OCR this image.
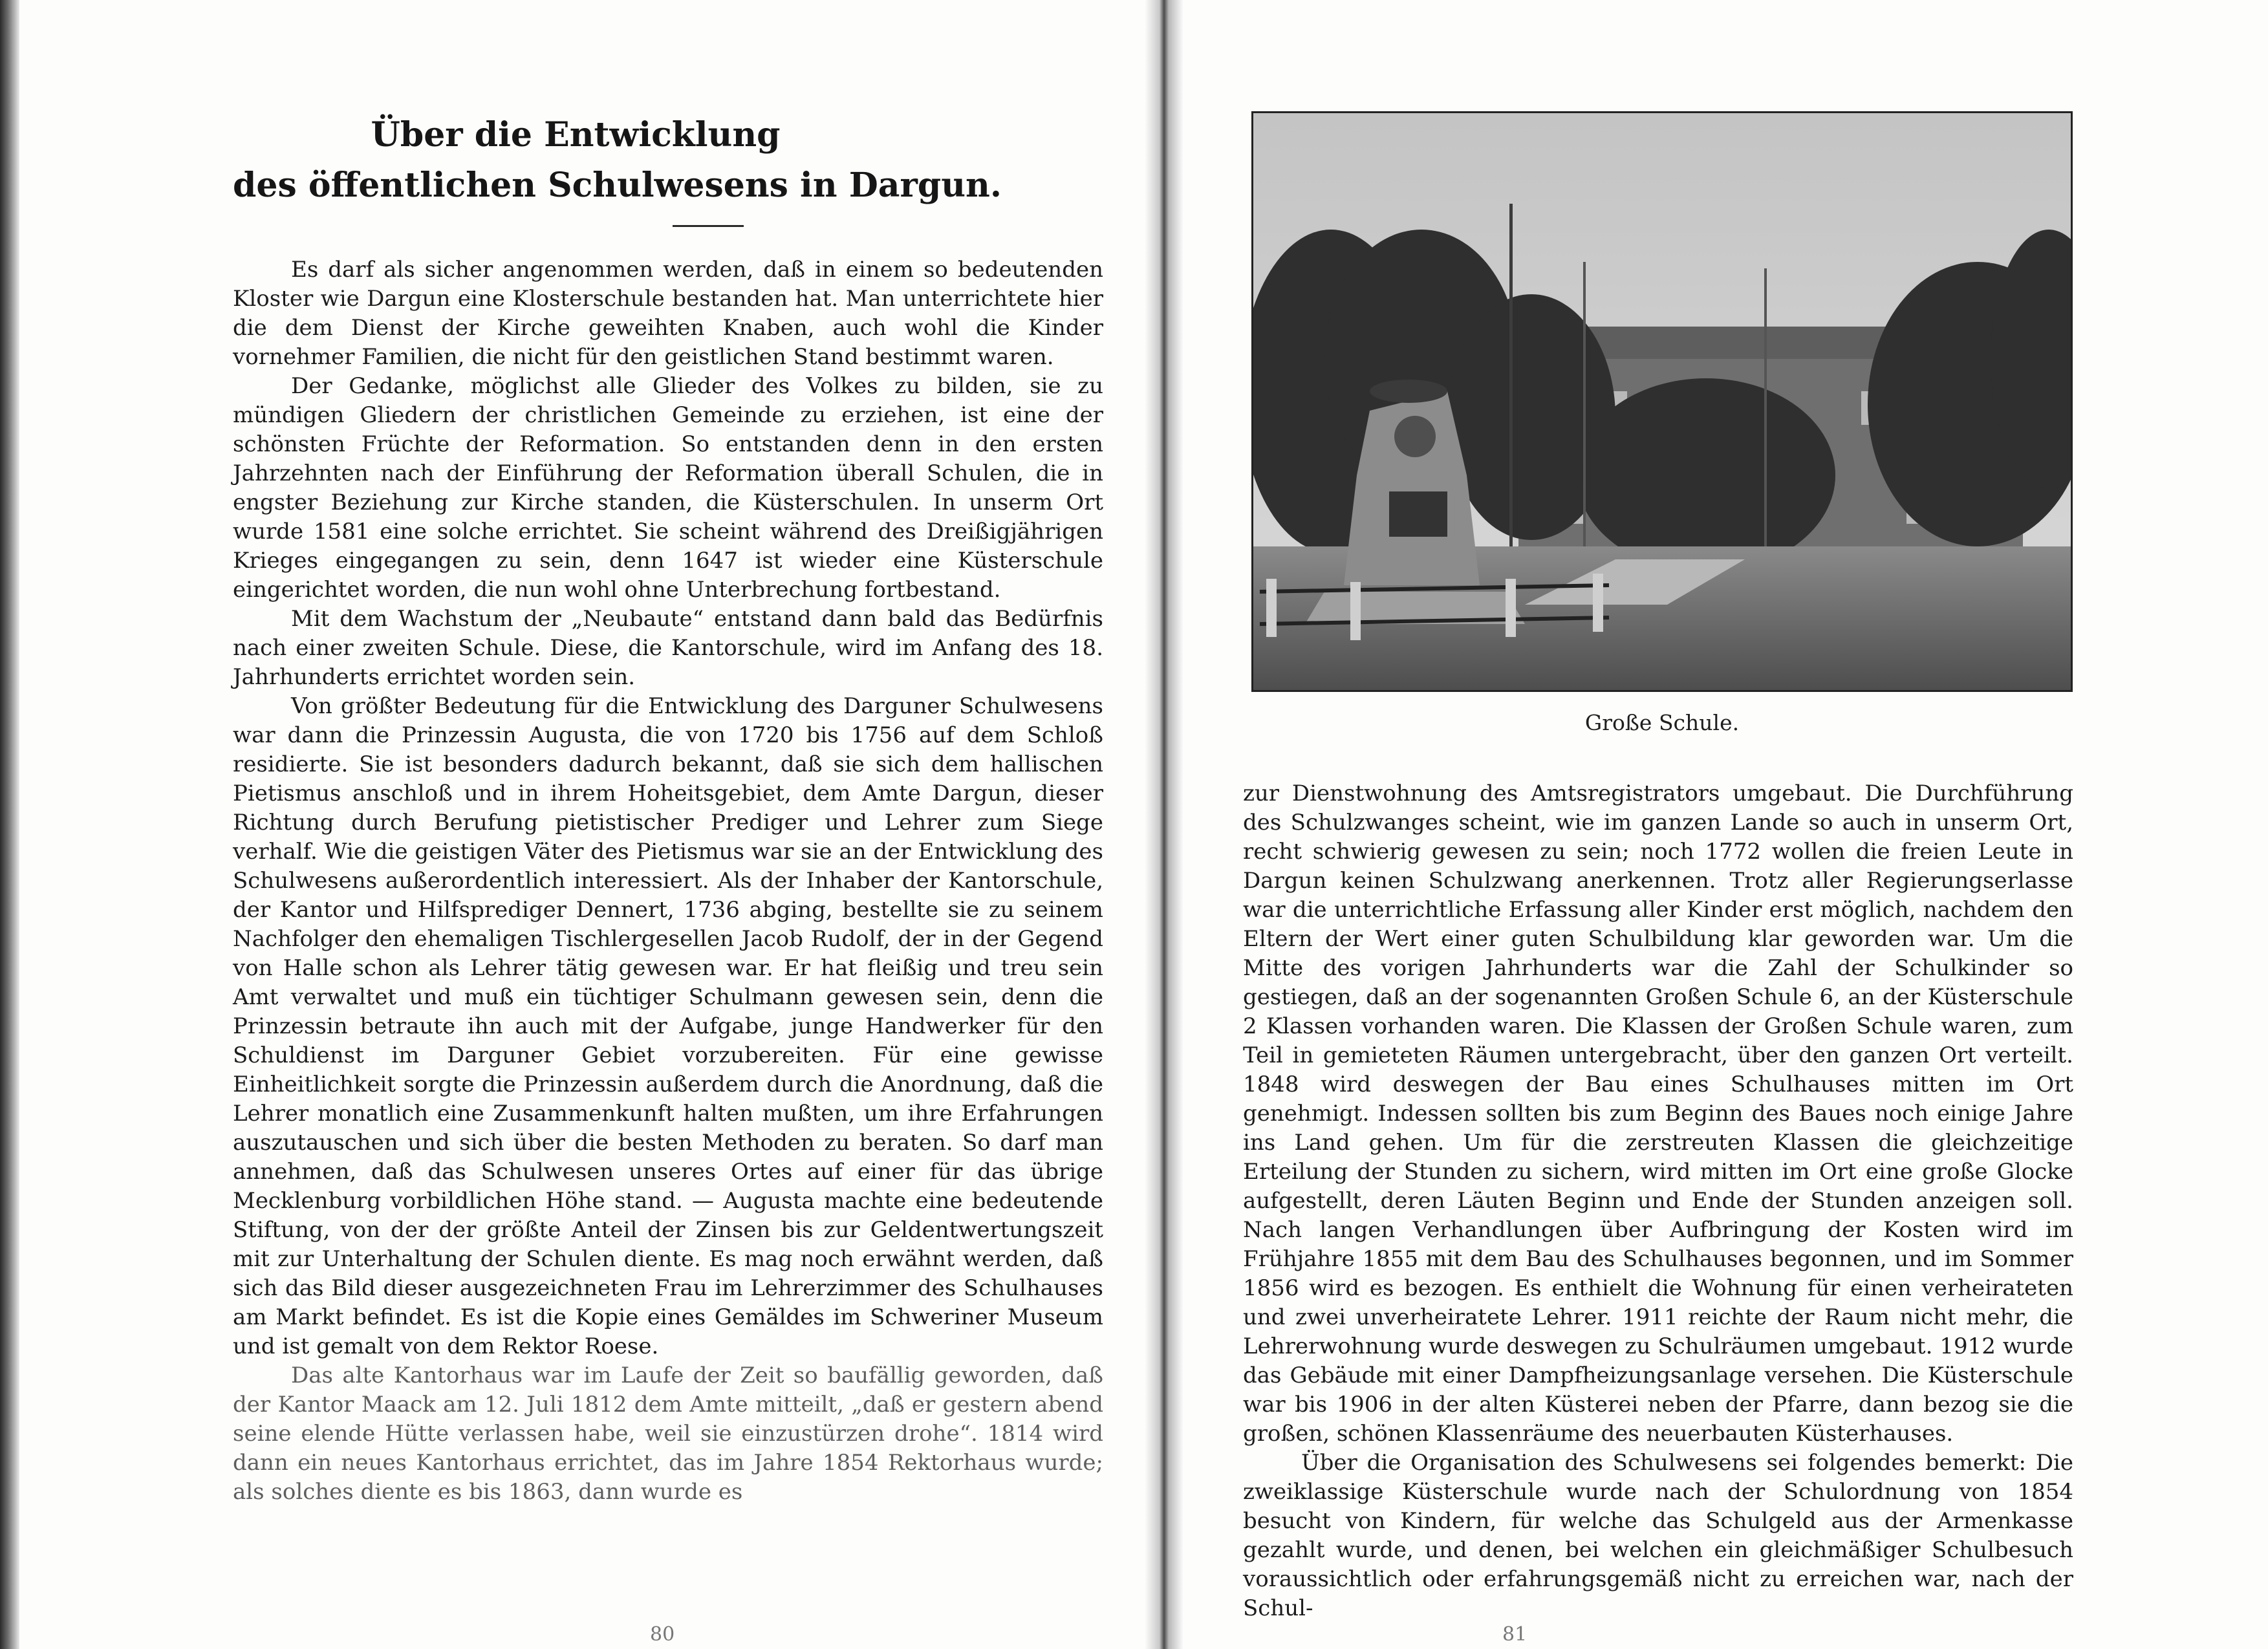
Über die Entwicklung
des öffentlichen Schulwesens in Dargun.

Es darf als sicher angenommen werden, daß in einem so bedeutenden Kloster wie Dargun eine Klosterschule bestanden hat. Man unterrichtete hier die dem Dienst der Kirche geweihten Knaben, auch wohl die Kinder vornehmer Familien, die nicht für den geistlichen Stand bestimmt waren.

Der Gedanke, möglichst alle Glieder des Volkes zu bilden, sie zu mündigen Gliedern der christlichen Gemeinde zu erziehen, ist eine der schönsten Früchte der Reformation. So entstanden denn in den ersten Jahrzehnten nach der Einführung der Reformation überall Schulen, die in engster Beziehung zur Kirche standen, die Küsterschulen. In unserm Ort wurde 1581 eine solche errichtet. Sie scheint während des Dreißigjährigen Krieges eingegangen zu sein, denn 1647 ist wieder eine Küsterschule eingerichtet worden, die nun wohl ohne Unterbrechung fortbestand.

Mit dem Wachstum der „Neubaute“ entstand dann bald das Bedürfnis nach einer zweiten Schule. Diese, die Kantorschule, wird im Anfang des 18. Jahrhunderts errichtet worden sein.

Von größter Bedeutung für die Entwicklung des Darguner Schulwesens war dann die Prinzessin Augusta, die von 1720 bis 1756 auf dem Schloß residierte. Sie ist besonders dadurch bekannt, daß sie sich dem hallischen Pietismus anschloß und in ihrem Hoheitsgebiet, dem Amte Dargun, dieser Richtung durch Berufung pietistischer Prediger und Lehrer zum Siege verhalf. Wie die geistigen Väter des Pietismus war sie an der Entwicklung des Schulwesens außerordentlich interessiert. Als der Inhaber der Kantorschule, der Kantor und Hilfsprediger Dennert, 1736 abging, bestellte sie zu seinem Nachfolger den ehemaligen Tischlergesellen Jacob Rudolf, der in der Gegend von Halle schon als Lehrer tätig gewesen war. Er hat fleißig und treu sein Amt verwaltet und muß ein tüchtiger Schulmann gewesen sein, denn die Prinzessin betraute ihn auch mit der Aufgabe, junge Handwerker für den Schuldienst im Darguner Gebiet vorzubereiten. Für eine gewisse Einheitlichkeit sorgte die Prinzessin außerdem durch die Anordnung, daß die Lehrer monatlich eine Zusammenkunft halten mußten, um ihre Erfahrungen auszutauschen und sich über die besten Methoden zu beraten. So darf man annehmen, daß das Schulwesen unseres Ortes auf einer für das übrige Mecklenburg vorbildlichen Höhe stand. — Augusta machte eine bedeutende Stiftung, von der der größte Anteil der Zinsen bis zur Geldentwertungszeit mit zur Unterhaltung der Schulen diente. Es mag noch erwähnt werden, daß sich das Bild dieser ausgezeichneten Frau im Lehrerzimmer des Schulhauses am Markt befindet. Es ist die Kopie eines Gemäldes im Schweriner Museum und ist gemalt von dem Rektor Roese.

Das alte Kantorhaus war im Laufe der Zeit so baufällig geworden, daß der Kantor Maack am 12. Juli 1812 dem Amte mitteilt, „daß er gestern abend seine elende Hütte verlassen habe, weil sie einzustürzen drohe“. 1814 wird dann ein neues Kantorhaus errichtet, das im Jahre 1854 Rektorhaus wurde; als solches diente es bis 1863, dann wurde es

80
Große Schule.

zur Dienstwohnung des Amtsregistrators umgebaut. Die Durchführung des Schulzwanges scheint, wie im ganzen Lande so auch in unserm Ort, recht schwierig gewesen zu sein; noch 1772 wollen die freien Leute in Dargun keinen Schulzwang anerkennen. Trotz aller Regierungserlasse war die unterrichtliche Erfassung aller Kinder erst möglich, nachdem den Eltern der Wert einer guten Schulbildung klar geworden war. Um die Mitte des vorigen Jahrhunderts war die Zahl der Schulkinder so gestiegen, daß an der sogenannten Großen Schule 6, an der Küsterschule 2 Klassen vorhanden waren. Die Klassen der Großen Schule waren, zum Teil in gemieteten Räumen untergebracht, über den ganzen Ort verteilt. 1848 wird deswegen der Bau eines Schulhauses mitten im Ort genehmigt. Indessen sollten bis zum Beginn des Baues noch einige Jahre ins Land gehen. Um für die zerstreuten Klassen die gleichzeitige Erteilung der Stunden zu sichern, wird mitten im Ort eine große Glocke aufgestellt, deren Läuten Beginn und Ende der Stunden anzeigen soll. Nach langen Verhandlungen über Aufbringung der Kosten wird im Frühjahre 1855 mit dem Bau des Schulhauses begonnen, und im Sommer 1856 wird es bezogen. Es enthielt die Wohnung für einen verheirateten und zwei unverheiratete Lehrer. 1911 reichte der Raum nicht mehr, die Lehrerwohnung wurde deswegen zu Schulräumen umgebaut. 1912 wurde das Gebäude mit einer Dampfheizungsanlage versehen. Die Küsterschule war bis 1906 in der alten Küsterei neben der Pfarre, dann bezog sie die großen, schönen Klassenräume des neuerbauten Küsterhauses.

Über die Organisation des Schulwesens sei folgendes bemerkt: Die zweiklassige Küsterschule wurde nach der Schulordnung von 1854 besucht von Kindern, für welche das Schulgeld aus der Armenkasse gezahlt wurde, und denen, bei welchen ein gleichmäßiger Schulbesuch voraussichtlich oder erfahrungsgemäß nicht zu erreichen war, nach der Schul-

81
